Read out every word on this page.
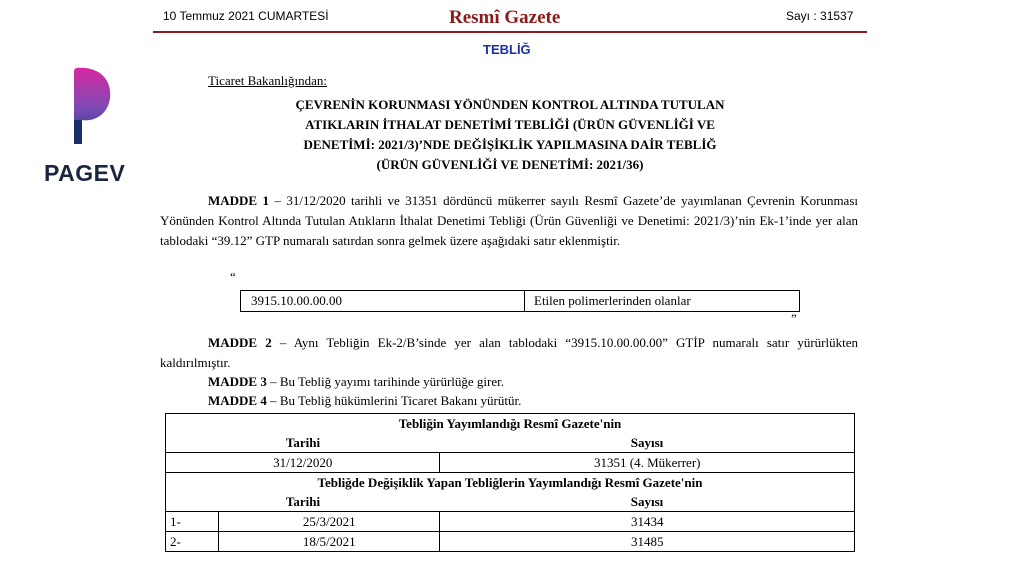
10 Temmuz 2021 CUMARTESİ	Resmî Gazete	Sayı : 31537
TEBLİĞ
PAGEV
Ticaret Bakanlığından:
ÇEVRENİN KORUNMASI YÖNÜNDEN KONTROL ALTINDA TUTULAN
ATIKLARIN İTHALAT DENETİMİ TEBLİĞİ (ÜRÜN GÜVENLİĞİ VE
DENETİMİ: 2021/3)’NDE DEĞİŞİKLİK YAPILMASINA DAİR TEBLİĞ
(ÜRÜN GÜVENLİĞİ VE DENETİMİ: 2021/36)
MADDE 1 – 31/12/2020 tarihli ve 31351 dördüncü mükerrer sayılı Resmî Gazete’de yayımlanan Çevrenin Korunması Yönünden Kontrol Altında Tutulan Atıkların İthalat Denetimi Tebliği (Ürün Güvenliği ve Denetimi: 2021/3)’nin Ek-1’inde yer alan tablodaki “39.12” GTP numaralı satırdan sonra gelmek üzere aşağıdaki satır eklenmiştir.
“
3915.10.00.00.00	Etilen polimerlerinden olanlar
”
MADDE 2 – Aynı Tebliğin Ek-2/B’sinde yer alan tablodaki “3915.10.00.00.00” GTİP numaralı satır yürürlükten kaldırılmıştır.
MADDE 3 – Bu Tebliğ yayımı tarihinde yürürlüğe girer.
MADDE 4 – Bu Tebliğ hükümlerini Ticaret Bakanı yürütür.
Tebliğin Yayımlandığı Resmî Gazete'nin		
Tarihi		Sayısı
31/12/2020		31351 (4. Mükerrer)
Tebliğde Değişiklik Yapan Tebliğlerin Yayımlandığı Resmî Gazete'nin		
Tarihi		Sayısı
1-	25/3/2021	31434
2-	18/5/2021	31485
